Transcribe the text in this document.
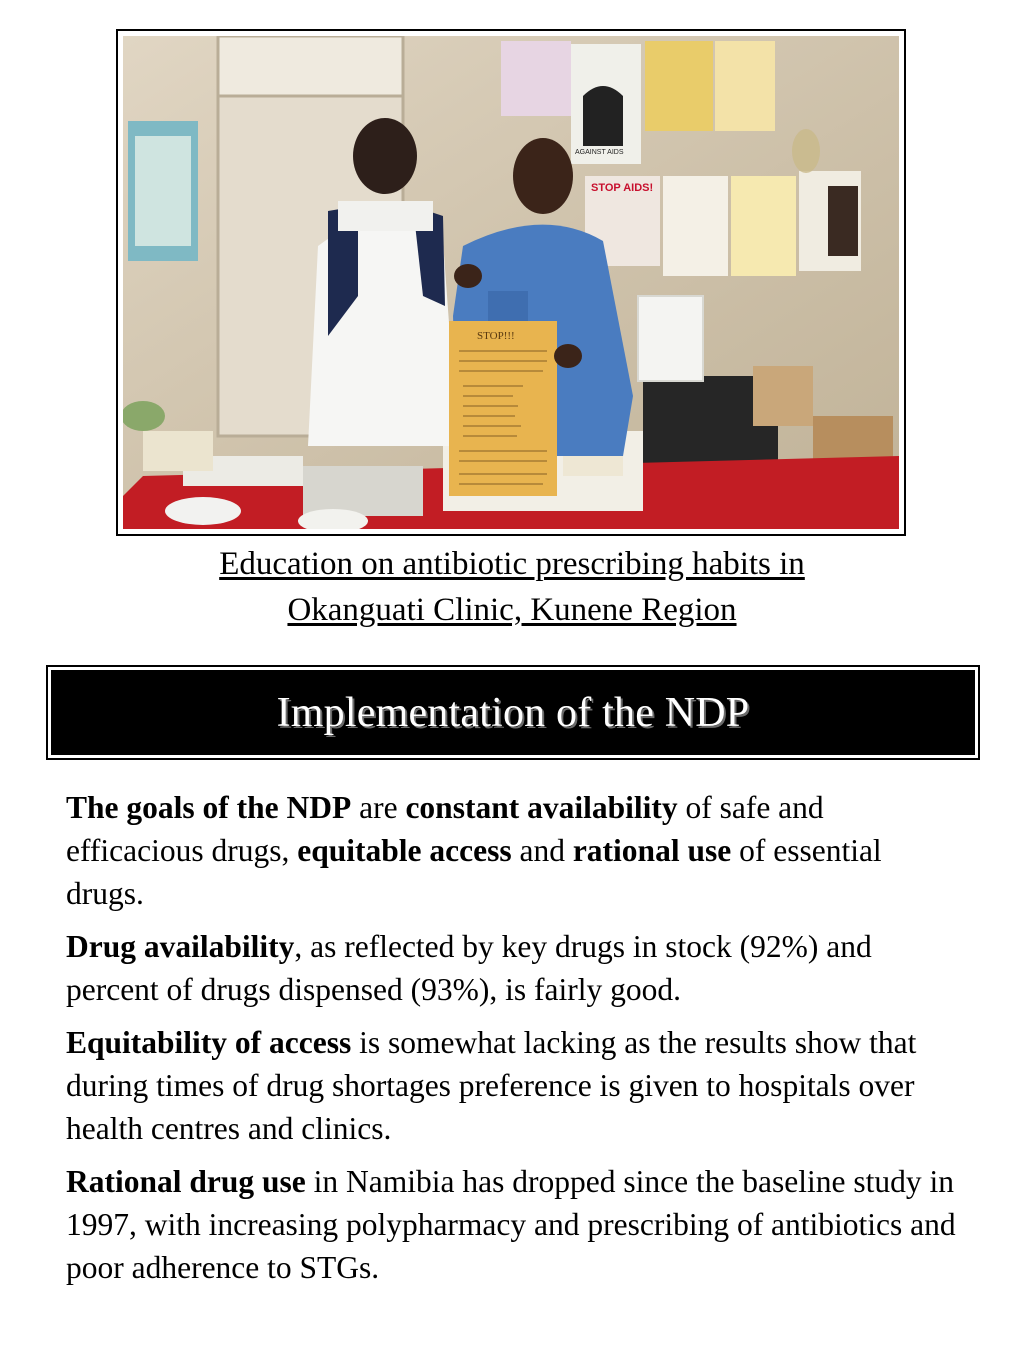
STOP AIDS!
AGAINST AIDS
STOP!!!
Education on antibiotic prescribing habits in
Okanguati Clinic, Kunene Region
Implementation of the NDP

The goals of the NDP are constant availability of safe and efficacious drugs, equitable access and rational use of essential drugs.

Drug availability, as reflected by key drugs in stock (92%) and percent of drugs dispensed (93%), is fairly good.

Equitability of access is somewhat lacking as the results show that during times of drug shortages preference is given to hospitals over health centres and clinics.

Rational drug use in Namibia has dropped since the baseline study in 1997, with increasing polypharmacy and prescribing of antibiotics and poor adherence to STGs.
